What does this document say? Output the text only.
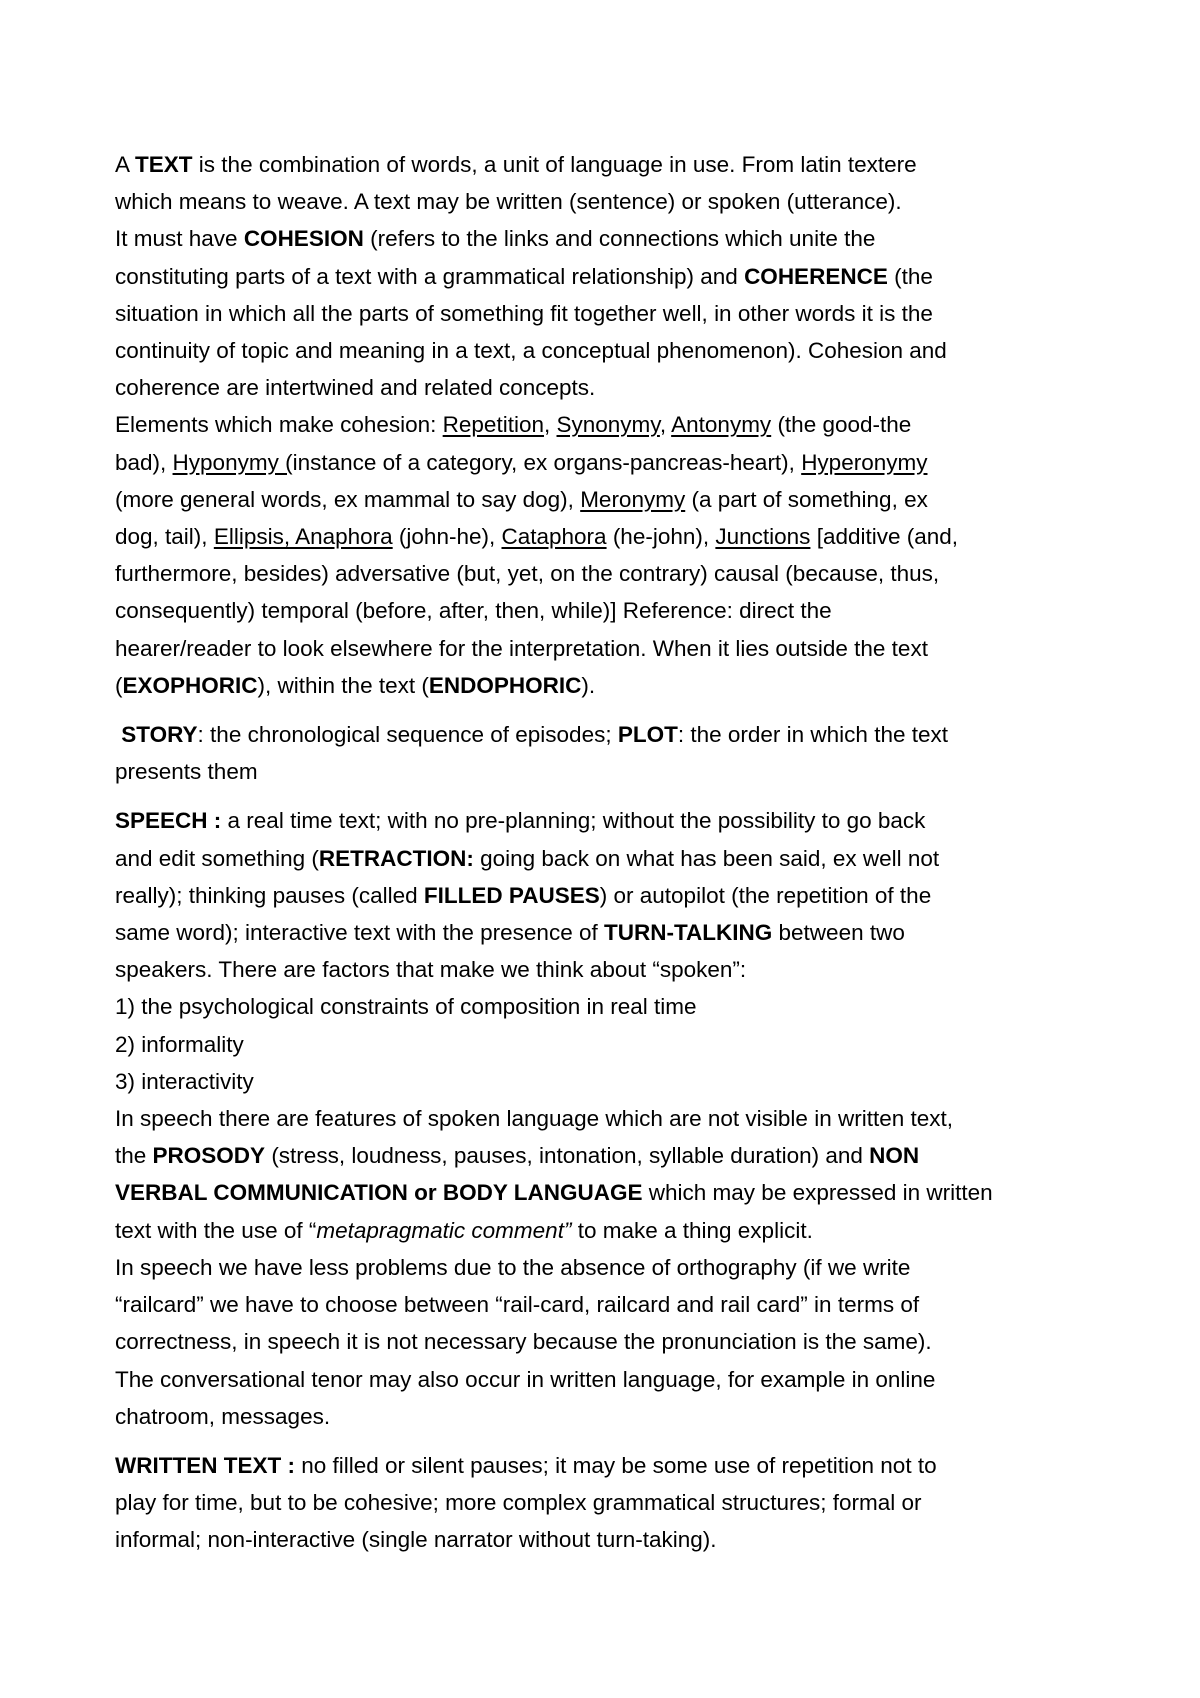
A TEXT is the combination of words, a unit of language in use. From latin textere
which means to weave. A text may be written (sentence) or spoken (utterance).
It must have COHESION (refers to the links and connections which unite the
constituting parts of a text with a grammatical relationship) and COHERENCE (the
situation in which all the parts of something fit together well, in other words it is the
continuity of topic and meaning in a text, a conceptual phenomenon). Cohesion and
coherence are intertwined and related concepts.
Elements which make cohesion: Repetition, Synonymy, Antonymy (the good-the
bad), Hyponymy (instance of a category, ex organs-pancreas-heart), Hyperonymy
(more general words, ex mammal to say dog), Meronymy (a part of something, ex
dog, tail), Ellipsis, Anaphora (john-he), Cataphora (he-john), Junctions [additive (and,
furthermore, besides) adversative (but, yet, on the contrary) causal (because, thus,
consequently) temporal (before, after, then, while)] Reference: direct the
hearer/reader to look elsewhere for the interpretation. When it lies outside the text
(EXOPHORIC), within the text (ENDOPHORIC).
STORY: the chronological sequence of episodes; PLOT: the order in which the text
presents them
SPEECH : a real time text; with no pre-planning; without the possibility to go back
and edit something (RETRACTION: going back on what has been said, ex well not
really); thinking pauses (called FILLED PAUSES) or autopilot (the repetition of the
same word); interactive text with the presence of TURN-TALKING between two
speakers. There are factors that make we think about “spoken”:
1) the psychological constraints of composition in real time
2) informality
3) interactivity
In speech there are features of spoken language which are not visible in written text,
the PROSODY (stress, loudness, pauses, intonation, syllable duration) and NON
VERBAL COMMUNICATION or BODY LANGUAGE which may be expressed in written
text with the use of “metapragmatic comment” to make a thing explicit.
In speech we have less problems due to the absence of orthography (if we write
“railcard” we have to choose between “rail-card, railcard and rail card” in terms of
correctness, in speech it is not necessary because the pronunciation is the same).
The conversational tenor may also occur in written language, for example in online
chatroom, messages.
WRITTEN TEXT : no filled or silent pauses; it may be some use of repetition not to
play for time, but to be cohesive; more complex grammatical structures; formal or
informal; non-interactive (single narrator without turn-taking).
